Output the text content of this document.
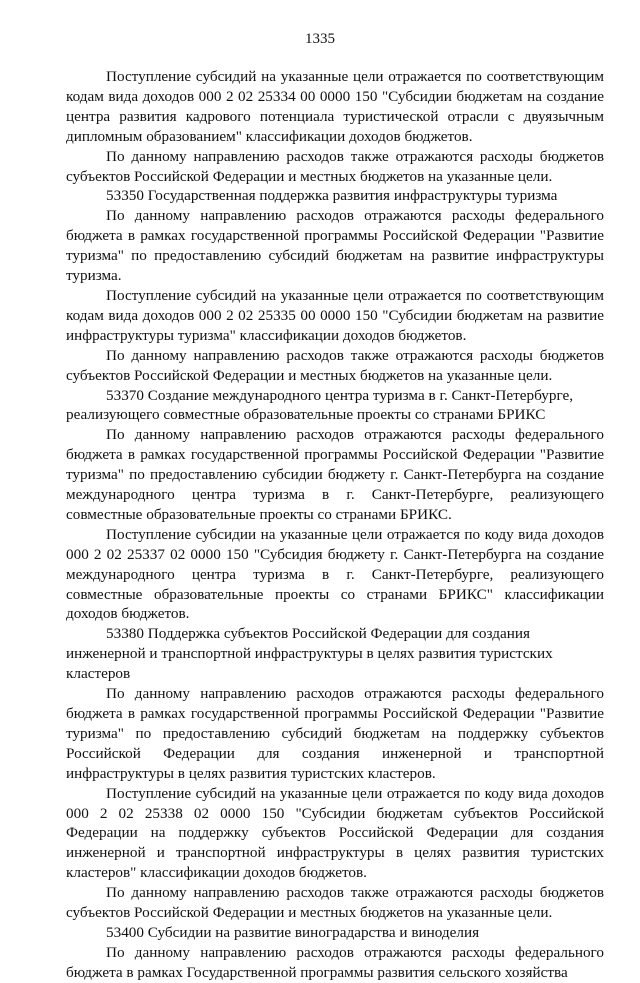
1335

Поступление субсидий на указанные цели отражается по соответствующим кодам вида доходов 000 2 02 25334 00 0000 150 "Субсидии бюджетам на создание центра развития кадрового потенциала туристической отрасли с двуязычным дипломным образованием" классификации доходов бюджетов.

По данному направлению расходов также отражаются расходы бюджетов субъектов Российской Федерации и местных бюджетов на указанные цели.

53350 Государственная поддержка развития инфраструктуры туризма

По данному направлению расходов отражаются расходы федерального бюджета в рамках государственной программы Российской Федерации "Развитие туризма" по предоставлению субсидий бюджетам на развитие инфраструктуры туризма.

Поступление субсидий на указанные цели отражается по соответствующим кодам вида доходов 000 2 02 25335 00 0000 150 "Субсидии бюджетам на развитие инфраструктуры туризма" классификации доходов бюджетов.

По данному направлению расходов также отражаются расходы бюджетов субъектов Российской Федерации и местных бюджетов на указанные цели.

53370 Создание международного центра туризма в г. Санкт-Петербурге, реализующего совместные образовательные проекты со странами БРИКС

По данному направлению расходов отражаются расходы федерального бюджета в рамках государственной программы Российской Федерации "Развитие туризма" по предоставлению субсидии бюджету г. Санкт-Петербурга на создание международного центра туризма в г. Санкт-Петербурге, реализующего совместные образовательные проекты со странами БРИКС.

Поступление субсидии на указанные цели отражается по коду вида доходов 000 2 02 25337 02 0000 150 "Субсидия бюджету г. Санкт-Петербурга на создание международного центра туризма в г. Санкт-Петербурге, реализующего совместные образовательные проекты со странами БРИКС" классификации доходов бюджетов.

53380 Поддержка субъектов Российской Федерации для создания инженерной и транспортной инфраструктуры в целях развития туристских кластеров

По данному направлению расходов отражаются расходы федерального бюджета в рамках государственной программы Российской Федерации "Развитие туризма" по предоставлению субсидий бюджетам на поддержку субъектов Российской Федерации для создания инженерной и транспортной инфраструктуры в целях развития туристских кластеров.

Поступление субсидий на указанные цели отражается по коду вида доходов 000 2 02 25338 02 0000 150 "Субсидии бюджетам субъектов Российской Федерации на поддержку субъектов Российской Федерации для создания инженерной и транспортной инфраструктуры в целях развития туристских кластеров" классификации доходов бюджетов.

По данному направлению расходов также отражаются расходы бюджетов субъектов Российской Федерации и местных бюджетов на указанные цели.

53400 Субсидии на развитие виноградарства и виноделия

По данному направлению расходов отражаются расходы федерального бюджета в рамках Государственной программы развития сельского хозяйства
